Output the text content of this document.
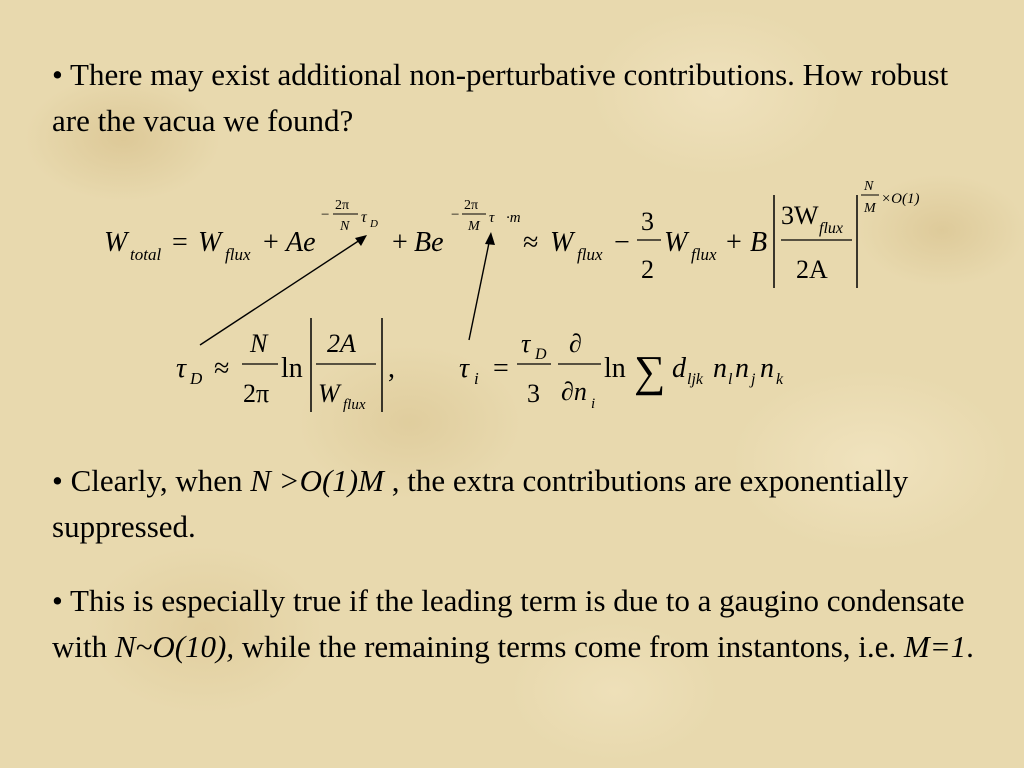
• There may exist additional non-perturbative contributions. How robust are the vacua we found?
W total = W flux + Ae
−
2π
N
τ D
+ Be
−
2π
M
τ⃗·m⃗
≈ W flux −
3
2
W flux + B
3W flux
2A
N
M
×O(1)
τ D ≈
N
2π
ln
2A
W flux
, τ i =
τ D
3
∂
∂n i
ln ∑ d ljk n l n j n k
• Clearly, when N >O(1)M , the extra contributions are exponentially suppressed.
• This is especially true if the leading term is due to a gaugino condensate with N~O(10), while the remaining terms come from instantons, i.e. M=1.
